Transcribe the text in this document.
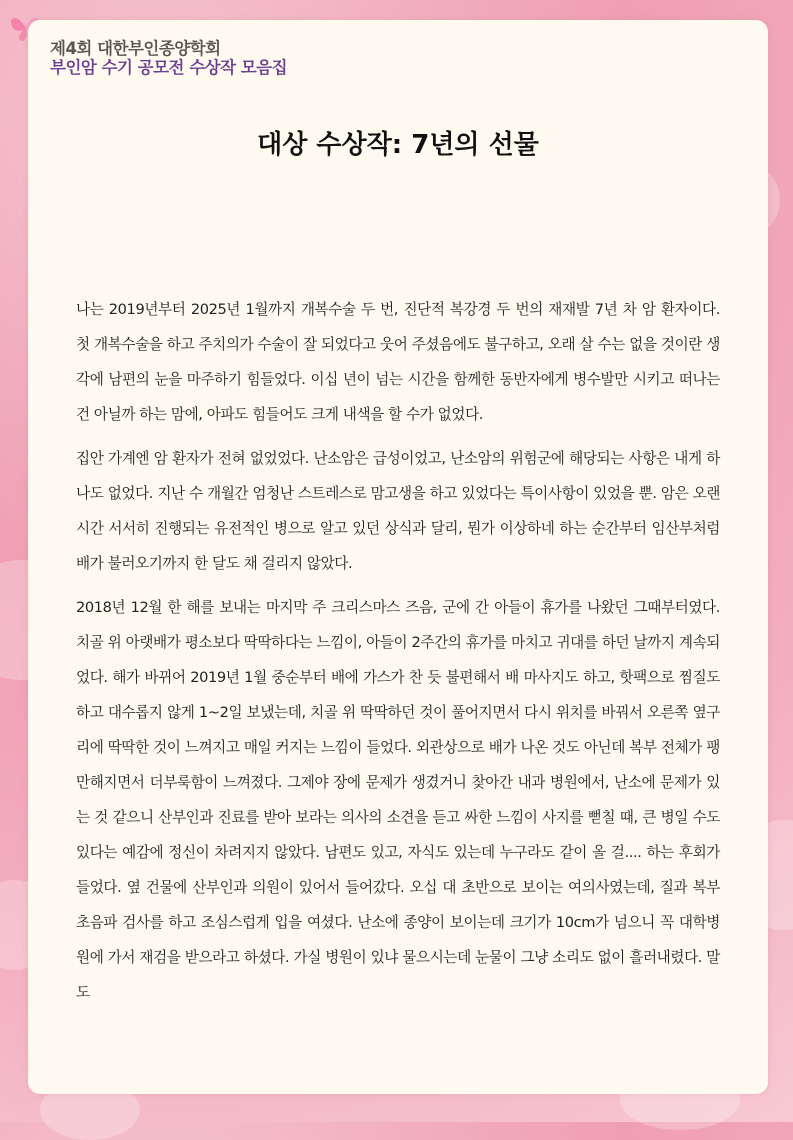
제4회 대한부인종양학회
부인암 수기 공모전 수상작 모음집
대상 수상작: 7년의 선물

나는 2019년부터 2025년 1월까지 개복수술 두 번, 진단적 복강경 두 번의 재재발 7년 차 암 환자이다. 첫 개복수술을 하고 주치의가 수술이 잘 되었다고 웃어 주셨음에도 불구하고, 오래 살 수는 없을 것이란 생각에 남편의 눈을 마주하기 힘들었다. 이십 년이 넘는 시간을 함께한 동반자에게 병수발만 시키고 떠나는 건 아닐까 하는 맘에, 아파도 힘들어도 크게 내색을 할 수가 없었다.

집안 가계엔 암 환자가 전혀 없었었다. 난소암은 급성이었고, 난소암의 위험군에 해당되는 사항은 내게 하나도 없었다. 지난 수 개월간 엄청난 스트레스로 맘고생을 하고 있었다는 특이사항이 있었을 뿐. 암은 오랜 시간 서서히 진행되는 유전적인 병으로 알고 있던 상식과 달리, 뭔가 이상하네 하는 순간부터 임산부처럼 배가 불러오기까지 한 달도 채 걸리지 않았다.

2018년 12월 한 해를 보내는 마지막 주 크리스마스 즈음, 군에 간 아들이 휴가를 나왔던 그때부터였다. 치골 위 아랫배가 평소보다 딱딱하다는 느낌이, 아들이 2주간의 휴가를 마치고 귀대를 하던 날까지 계속되었다. 해가 바뀌어 2019년 1월 중순부터 배에 가스가 찬 듯 불편해서 배 마사지도 하고, 핫팩으로 찜질도 하고 대수롭지 않게 1~2일 보냈는데, 치골 위 딱딱하던 것이 풀어지면서 다시 위치를 바꿔서 오른쪽 옆구리에 딱딱한 것이 느껴지고 매일 커지는 느낌이 들었다. 외관상으로 배가 나온 것도 아닌데 복부 전체가 팽만해지면서 더부룩함이 느껴졌다. 그제야 장에 문제가 생겼거니 찾아간 내과 병원에서, 난소에 문제가 있는 것 같으니 산부인과 진료를 받아 보라는 의사의 소견을 듣고 싸한 느낌이 사지를 뻗칠 때, 큰 병일 수도 있다는 예감에 정신이 차려지지 않았다. 남편도 있고, 자식도 있는데 누구라도 같이 올 걸.... 하는 후회가 들었다. 옆 건물에 산부인과 의원이 있어서 들어갔다. 오십 대 초반으로 보이는 여의사였는데, 질과 복부 초음파 검사를 하고 조심스럽게 입을 여셨다. 난소에 종양이 보이는데 크기가 10cm가 넘으니 꼭 대학병원에 가서 재검을 받으라고 하셨다. 가실 병원이 있냐 물으시는데 눈물이 그냥 소리도 없이 흘러내렸다. 말도
